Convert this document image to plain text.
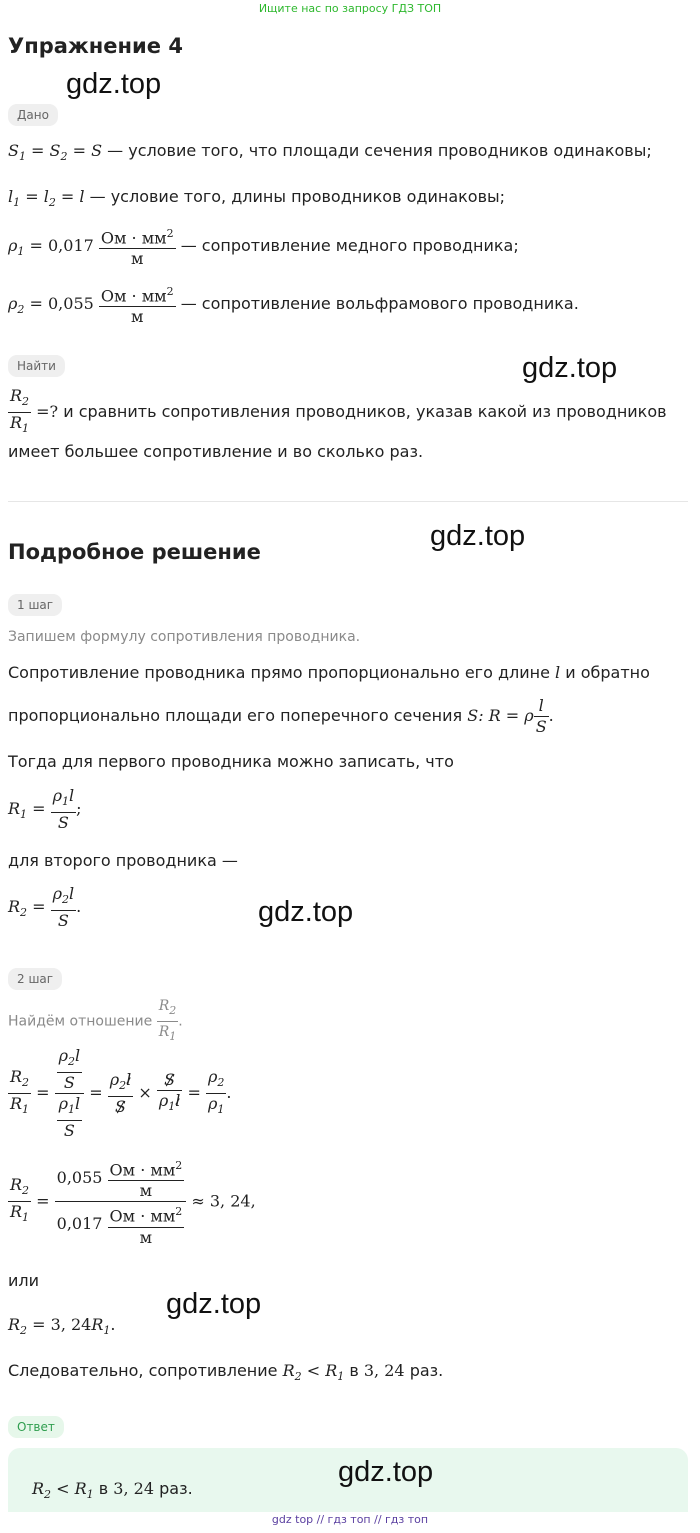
Ищите нас по запросу ГДЗ ТОП
Упражнение 4
gdz.top
Дано
$S_1 = S_2 = S$ — условие того, что площади сечения проводников одинаковы;
$l_1 = l_2 = l$ — условие того, длины проводников одинаковы;
$\rho_1 = 0,017 \frac{Ом \cdot мм^2}{м}$ — сопротивление медного проводника;
$\rho_2 = 0,055 \frac{Ом \cdot мм^2}{м}$ — сопротивление вольфрамового проводника.
Найти	gdz.top
$\frac{R_2}{R_1}$ =? и сравнить сопротивления проводников, указав какой из проводников
имеет большее сопротивление и во сколько раз.
Подробное решение	gdz.top
1 шаг
Запишем формулу сопротивления проводника.
Сопротивление проводника прямо пропорционально его длине l и обратно
пропорционально площади его поперечного сечения S: R = ρ $\frac{l}{S}$ .
Тогда для первого проводника можно записать, что
$R_1 = \frac{\rho_1l}{S}$ ;
для второго проводника —
$R_2 = \frac{\rho_2l}{S}$ .	gdz.top
2 шаг
Найдём отношение $\frac{R_2}{R_1}$ .
$\frac{R_2}{R_1} = \frac{\frac{\rho_2l}{S}}{\frac{\rho_1l}{S}} = \frac{\rho_2l}{S} \times \frac{S}{\rho_1l} = \frac{\rho_2}{\rho_1}$ .
$\frac{R_2}{R_1} = \frac{0,055 \frac{Ом \cdot мм^2}{м}}{0,017 \frac{Ом \cdot мм^2}{м}} \approx 3$, 24,
или
$R_2 = 3$, $24R_1$.
gdz.top
Следовательно, сопротивление $R_2 < R_1$ в 3, 24 раз.
Ответ
$R_2 < R_1$ в 3, 24 раз.
gdz.top
gdz top // гдз топ // гдз топ
